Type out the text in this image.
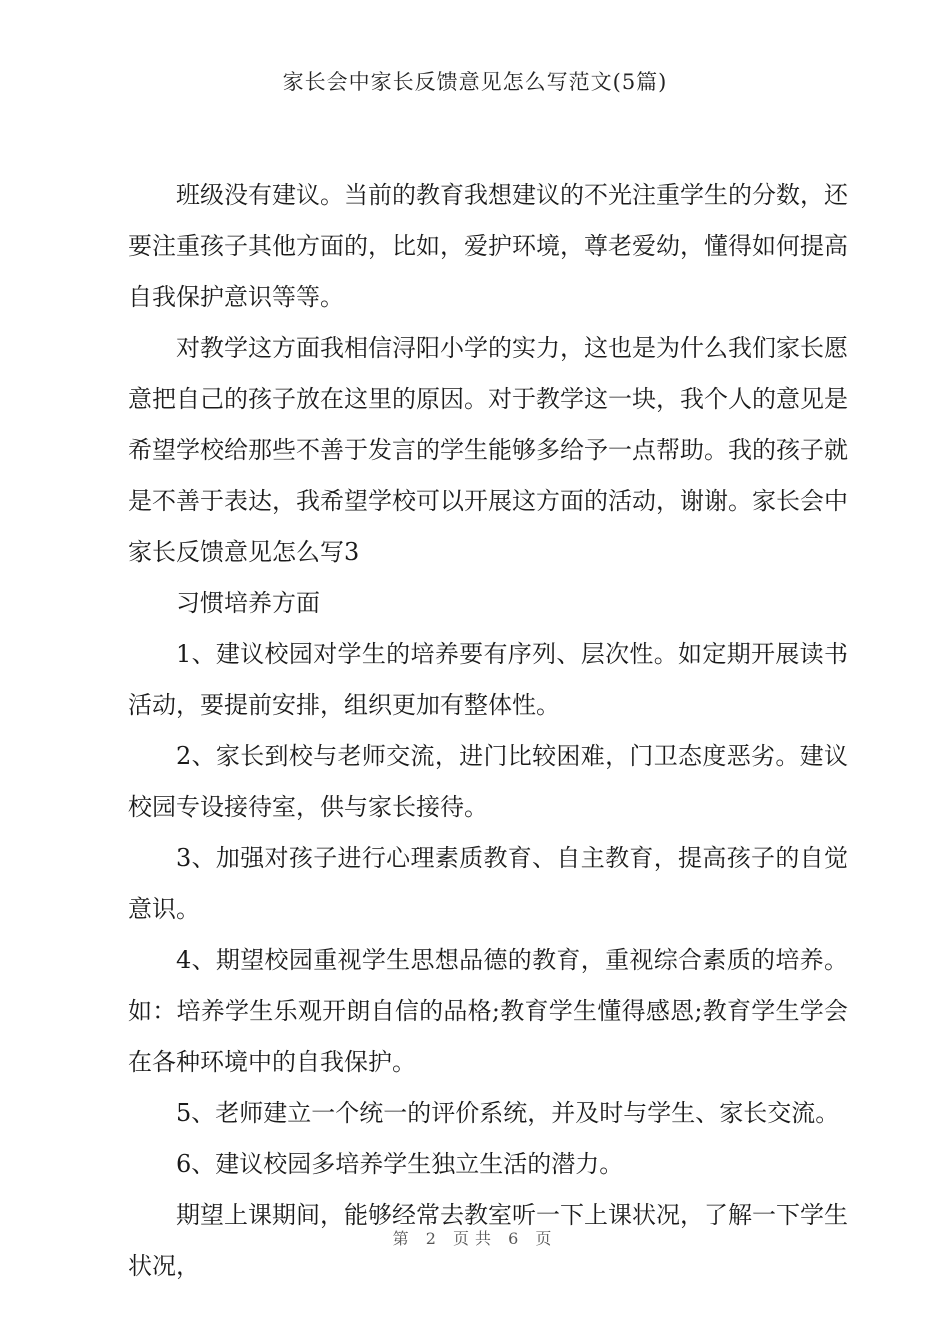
家长会中家长反馈意见怎么写范文(5篇)

班级没有建议。当前的教育我想建议的不光注重学生的分数，还要注重孩子其他方面的，比如，爱护环境，尊老爱幼，懂得如何提高自我保护意识等等。

对教学这方面我相信浔阳小学的实力，这也是为什么我们家长愿意把自己的孩子放在这里的原因。对于教学这一块，我个人的意见是希望学校给那些不善于发言的学生能够多给予一点帮助。我的孩子就是不善于表达，我希望学校可以开展这方面的活动，谢谢。家长会中家长反馈意见怎么写3

习惯培养方面

1、建议校园对学生的培养要有序列、层次性。如定期开展读书活动，要提前安排，组织更加有整体性。

2、家长到校与老师交流，进门比较困难，门卫态度恶劣。建议校园专设接待室，供与家长接待。

3、加强对孩子进行心理素质教育、自主教育，提高孩子的自觉意识。

4、期望校园重视学生思想品德的教育，重视综合素质的培养。如：培养学生乐观开朗自信的品格;教育学生懂得感恩;教育学生学会在各种环境中的自我保护。

5、老师建立一个统一的评价系统，并及时与学生、家长交流。

6、建议校园多培养学生独立生活的潜力。

期望上课期间，能够经常去教室听一下上课状况，了解一下学生状况，

第 2 页共 6 页
